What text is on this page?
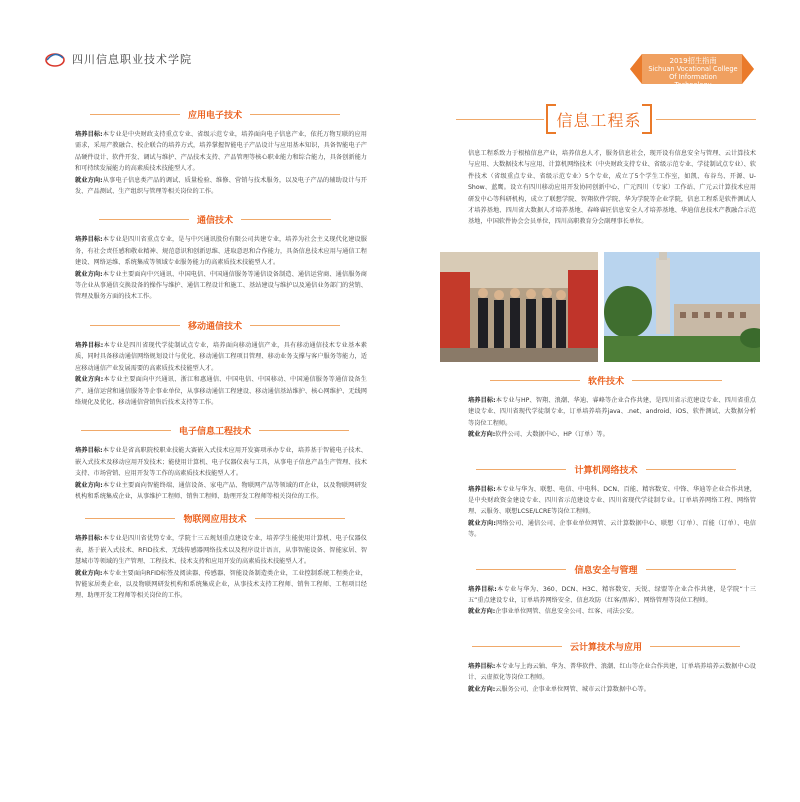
四川信息职业技术学院	2019招生指南
Sichuan Vocational College
Of Information
Technology
应用电子技术

培养目标:本专业是中央财政支持重点专业、省级示范专业，培养面向电子信息产业，依托万物互联的应用需求，采用产教融合、校企联合的培养方式，培养掌握智能电子产品设计与应用基本知识，具备智能电子产品硬件设计、软件开发、调试与维护、产品技术支持、产品管理等核心职业能力和综合能力，具备创新能力和可持续发展能力的高素质技术技能型人才。

就业方向:从事电子信息类产品的调试、质量检验、维修、营销与技术服务，以及电子产品的辅助设计与开发、产品测试、生产组织与管理等相关岗位的工作。

通信技术

培养目标:本专业是四川省重点专业，是与中兴通讯股份有限公司共建专业，培养为社会主义现代化建设服务，有社会责任感和敬业精神、规范意识和创新思维、进取意思和合作能力，具备信息技术应用与通信工程建设、网络运维、系统集成等领域专业服务能力的高素质技术技能型人才。

就业方向:本专业主要面向中兴通讯、中国电信、中国通信服务等通信设备制造、通信运营商、通信服务商等企业从事通信交换设备的操作与维护、通信工程设计和施工、基站建设与维护以及通信业务部门的营销、管理及服务方面的技术工作。

移动通信技术

培养目标:本专业是四川省现代学徒制试点专业，培养面向移动通信产业，具有移动通信技术专业基本素质，同时具备移动通信网络规划设计与优化、移动通信工程项目管理、移动业务支撑与客户服务等能力，适应移动通信产业发展需要的高素质技术技能型人才。

就业方向:本专业主要面向中兴通讯、浙江和惠通信、中国电信、中国移动、中国通信服务等通信设备生产、通信运营和通信服务等企事业单位，从事移动通信工程建设、移动通信基站维护、核心网维护、无线网络规化及优化、移动通信营销售后技术支持等工作。

电子信息工程技术

培养目标:本专业是省高职院校职业技能大赛嵌入式技术应用开发赛项承办专业，培养基于智能电子技术、嵌入式技术及移动应用开发技术；能使用计算机、电子仪器仪表与工具，从事电子信息产品生产管理、技术支持、市场营销、应用开发等工作的高素质技术技能型人才。

就业方向:本专业主要面向智能终端、通信设备、家电产品、物联网产品等领域的IT企业，以及物联网研发机构和系统集成企业，从事维护工程师、销售工程师、助理开发工程师等相关岗位的工作。

物联网应用技术

培养目标:本专业是四川省优势专业，学院十三五规划重点建设专业，培养学生能使用计算机、电子仪器仪表，基于嵌入式技术、RFID技术、无线传感器网络技术以及程序设计语言，从事智能设备、智能家居、智慧城市等领域的生产管理、工程技术、技术支持和应用开发的高素质技术技能型人才。

就业方向:本专业主要面向RFID标签及阅读器、传感器、智能设备制造类企业，工业控制系统工程类企业，智能家居类企业，以及物联网研发机构和系统集成企业，从事技术支持工程师、销售工程师、工程项目经理、助理开发工程师等相关岗位的工作。

信息工程系

信息工程系致力于根植信息产业，培养信息人才，服务信息社会，现开设有信息安全与管理、云计算技术与应用、大数据技术与应用、计算机网络技术（中央财政支持专业、省级示范专业、学徒制试点专业）、软件技术（省级重点专业、省级示范专业）5个专业，成立了5个学生工作室，如凯、布谷鸟、开源、U-Show、蓝鹰。设立有四川移动应用开发协同创新中心、广元四川（专家）工作站、广元云计算技术应用研发中心等科研机构，成立了联想学院、智翔软件学院、华为学院等企业学院，信息工程系是软件测试人才培养基地、四川省大数据人才培养基地、春峰睿匠信息安全人才培养基地、华迪信息技术产教融合示范基地，中国软件协会会员单位，四川高职教育分会副理事长单位。

软件技术

培养目标:本专业与HP、智翔、浪潮、华迪、睿峰等企业合作共建，是四川省示范建设专业、四川省重点建设专业、四川省现代学徒制专业，订单培养培养java、.net、android、iOS、软件测试、大数据分析等岗位工程师。

就业方向:软件公司、大数据中心、HP（订单）等。

计算机网络技术

培养目标:本专业与华为、联想、电信、中电科、DCN、百能、精容数安、中锋、华迪等企业合作共建，是中央财政资金建设专业、四川省示范建设专业、四川省现代学徒制专业。订单培养网络工程、网络管理、云服务、联想LCSE/LCRE等岗位工程师。

就业方向:网络公司、通信公司、企事业单位网管、云计算数据中心、联想（订单）、百能（订单）、电信等。

信息安全与管理

培养目标:本专业与华为、360、DCN、H3C、精容数安、天锐、绿盟等企业合作共建，是学院“十三五”重点建设专业，订单培养网络安全、信息攻防（红客/黑客）、网络管理等岗位工程师。

就业方向:企事业单位网管、信息安全公司、红客、司法公安。

云计算技术与应用

培养目标:本专业与上海云轴、华为、普华软件、浪潮、红山等企业合作共建，订单培养培养云数据中心设计、云虚拟化等岗位工程师。

就业方向:云服务公司、企事业单位网管、城市云计算数据中心等。
